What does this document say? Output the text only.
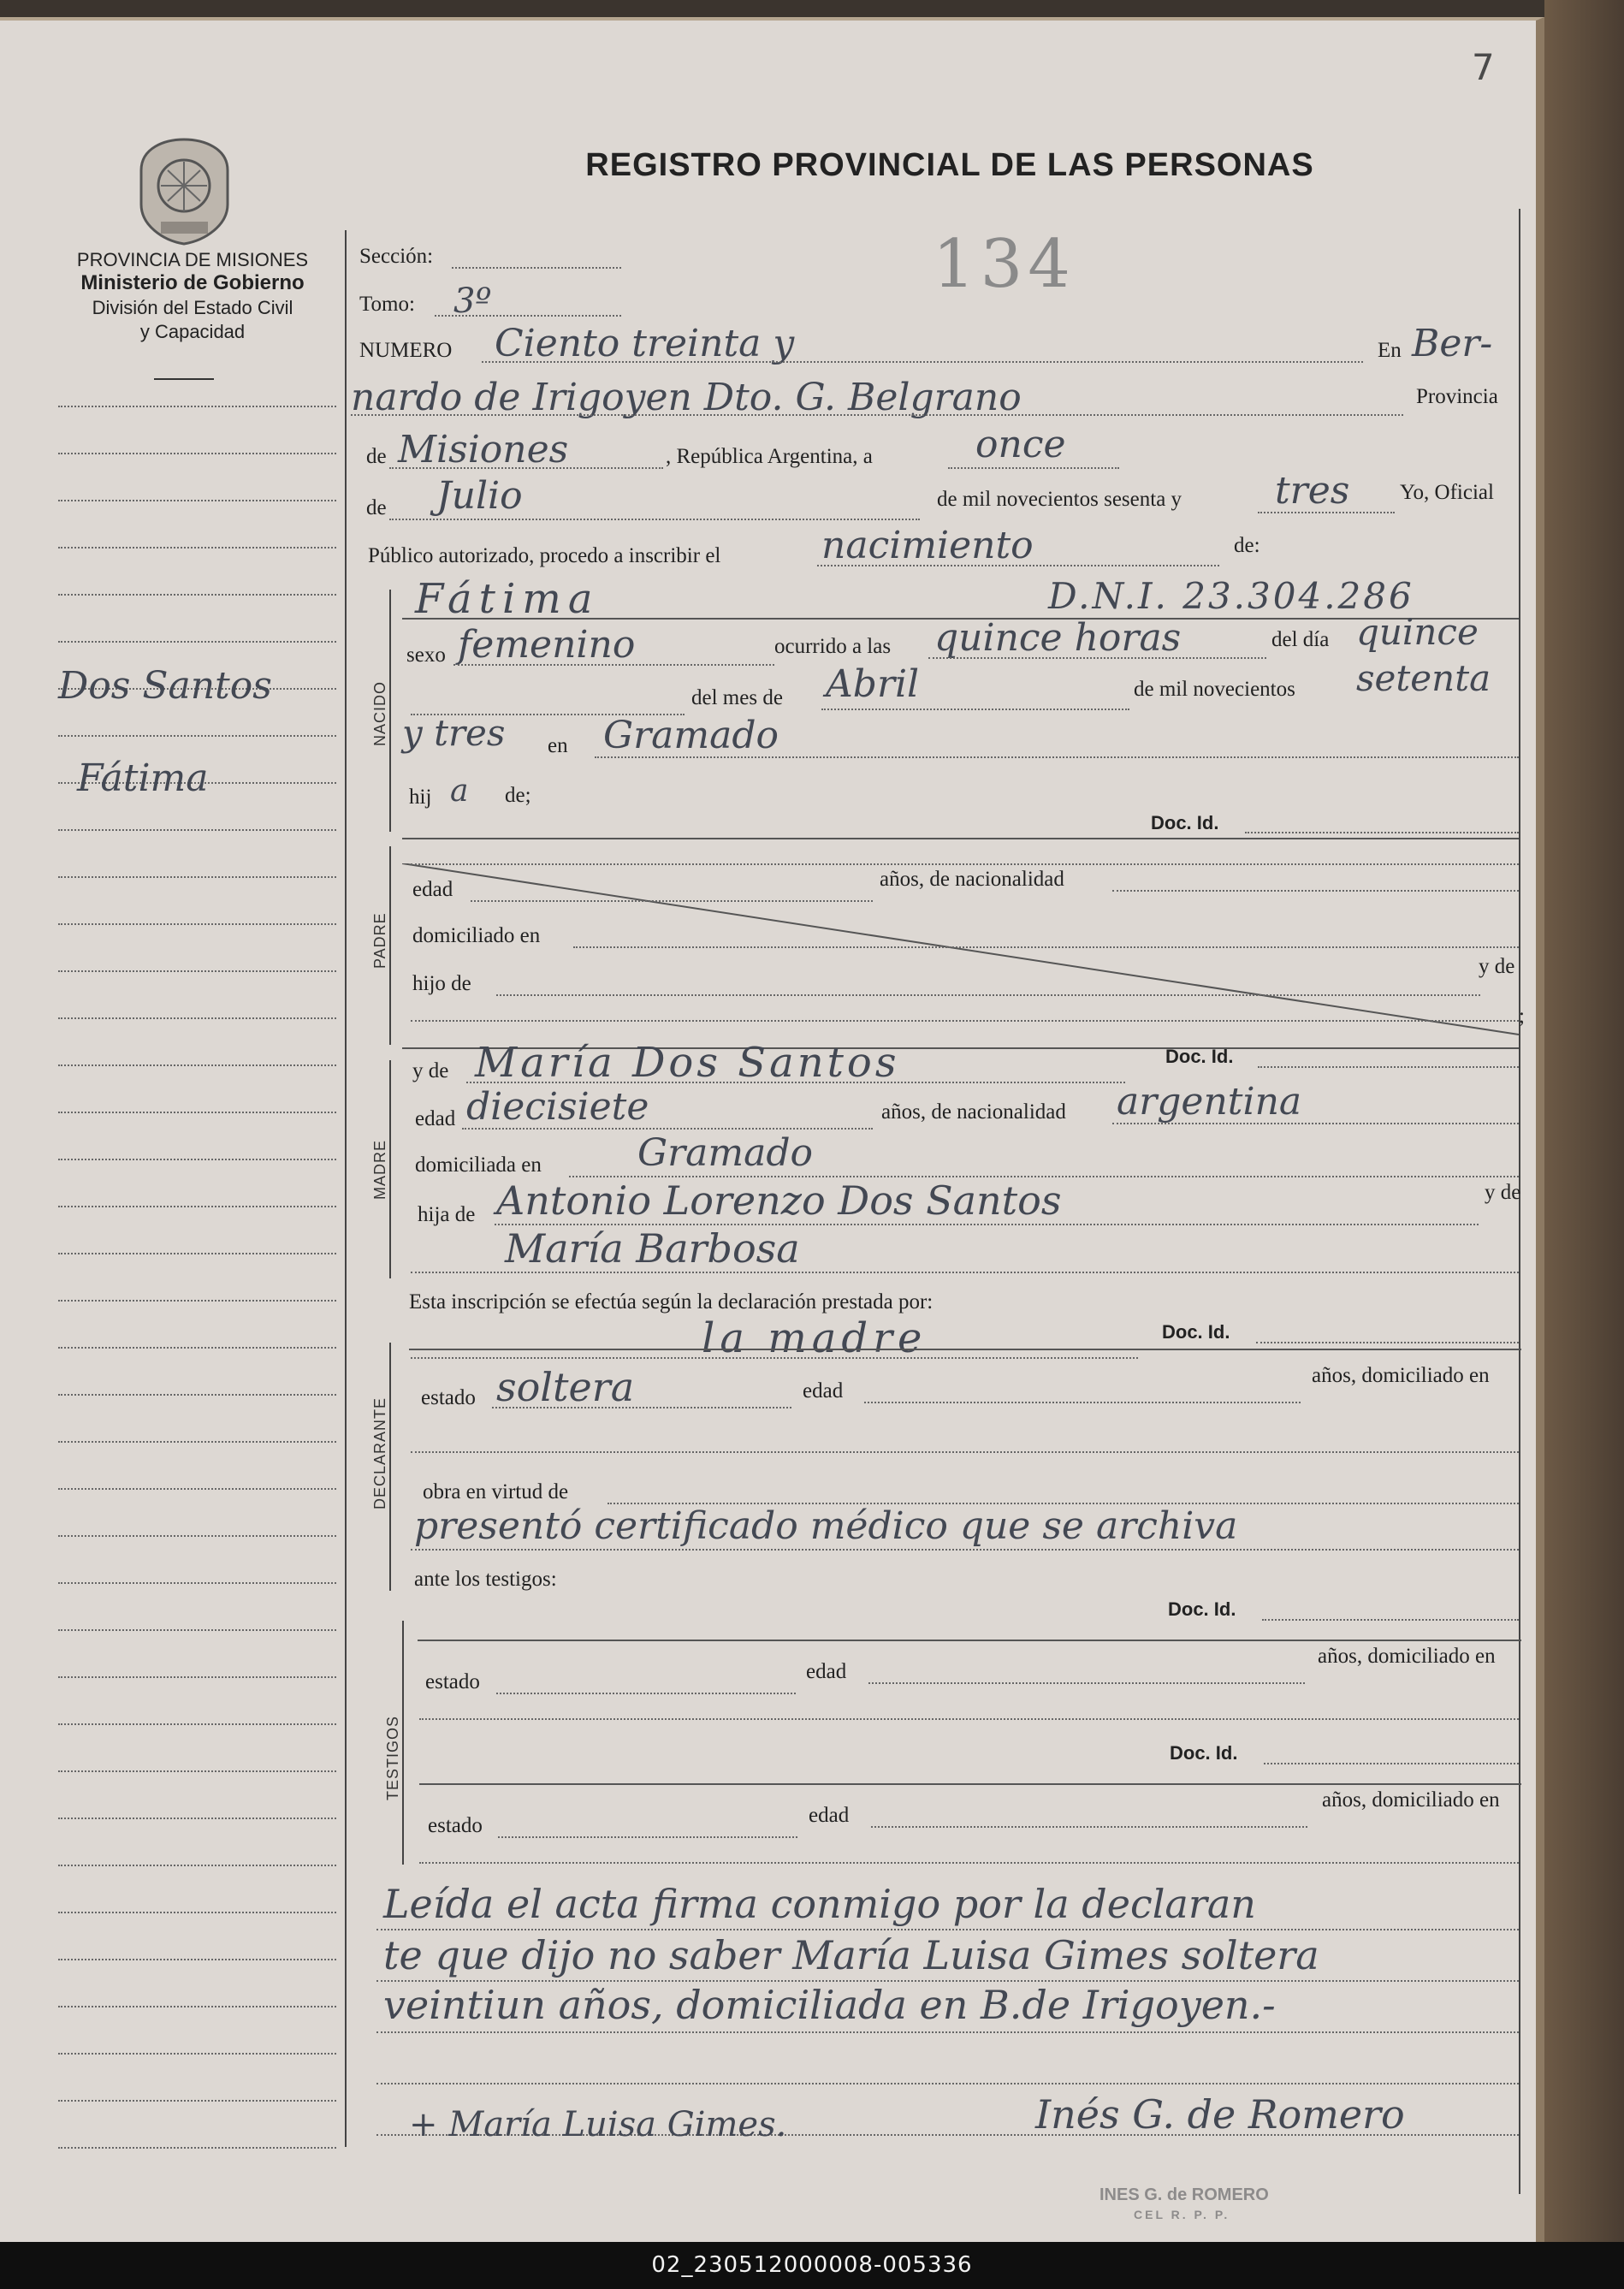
7
PROVINCIA DE MISIONES
Ministerio de Gobierno
División del Estado Civil
y Capacidad
REGISTRO PROVINCIAL DE LAS PERSONAS
134
Dos Santos
Fátima
Sección:
Tomo: 3º
NUMERO Ciento treinta y	En Ber-
nardo de Irigoyen Dto. G. Belgrano	Provincia
de Misiones	, República Argentina, a	once
de Julio	de mil novecientos sesenta y tres Yo, Oficial
Público autorizado, procedo a inscribir el	nacimiento	de:
NACIDO
Fátima	D.N.I. 23.304.286
sexo femenino	ocurrido a las quince horas	del día quince
del mes de Abril	de mil novecientos setenta
y tres en Gramado
hij a de;
Doc. Id.
PADRE
edad	años, de nacionalidad
domiciliado en
hijo de
y de
;
MADRE
y de María Dos Santos	Doc. Id.
edad diecisiete	años, de nacionalidad argentina
domiciliada en	Gramado
hija de Antonio Lorenzo Dos Santos	y de
María Barbosa
Esta inscripción se efectúa según la declaración prestada por:
DECLARANTE
la madre	Doc. Id.
estado soltera	edad
años, domiciliado en
obra en virtud de
presentó certificado médico que se archiva
ante los testigos:
TESTIGOS
Doc. Id.
estado	edad
años, domiciliado en
Doc. Id.
estado	edad
años, domiciliado en
Leída el acta firma conmigo por la declaran
te que dijo no saber María Luisa Gimes soltera
veintiun años, domiciliada en B.de Irigoyen.-
+ María Luisa Gimes.	Inés G. de Romero
INES G. de ROMERO
CEL R. P. P.
02_230512000008-005336
